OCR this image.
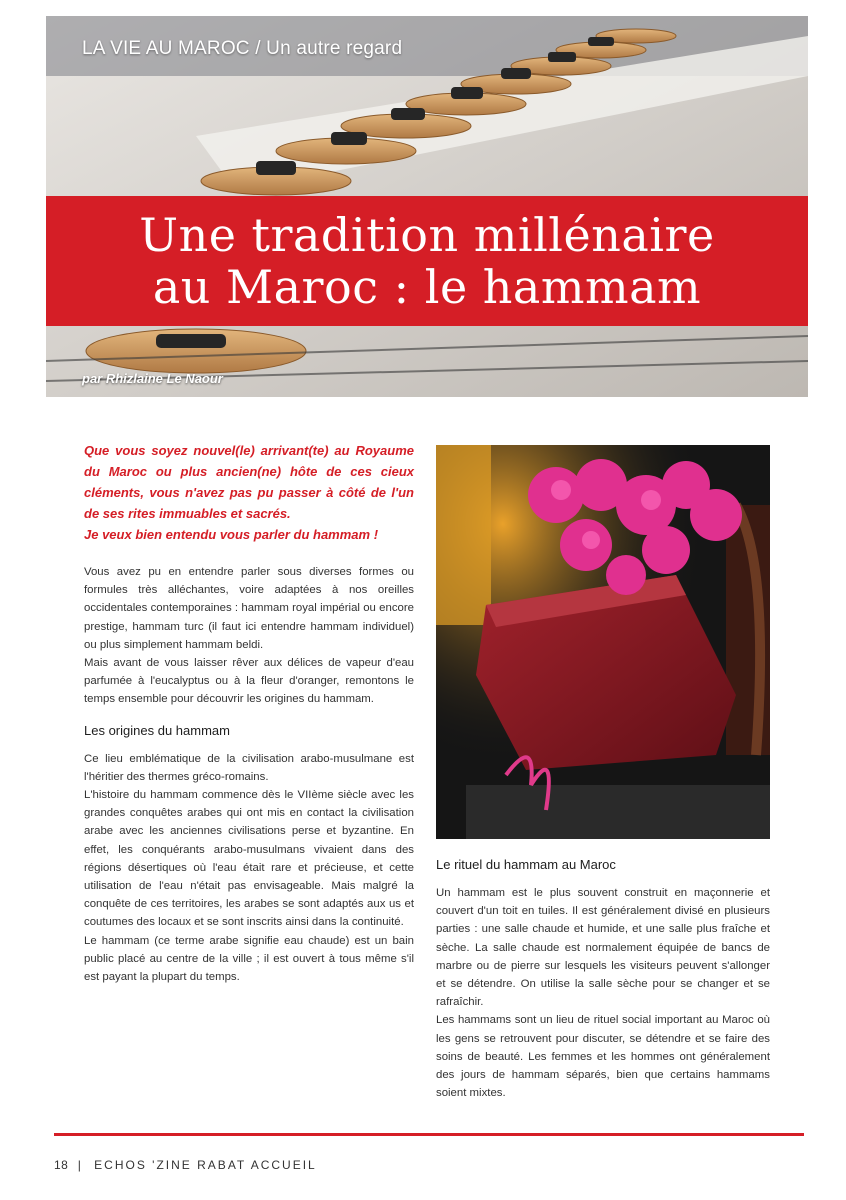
LA VIE AU MAROC / Un autre regard
Une tradition millénaire
au Maroc : le hammam
par Rhizlaine Le Naour

Que vous soyez nouvel(le) arrivant(te) au Royaume du Maroc ou plus ancien(ne) hôte de ces cieux cléments, vous n'avez pas pu passer à côté de l'un de ses rites immuables et sacrés.

Je veux bien entendu vous parler du hammam !

Vous avez pu en entendre parler sous diverses formes ou formules très alléchantes, voire adaptées à nos oreilles occidentales contemporaines : hammam royal impérial ou encore prestige, hammam turc (il faut ici entendre hammam individuel) ou plus simplement hammam beldi.

Mais avant de vous laisser rêver aux délices de vapeur d'eau parfumée à l'eucalyptus ou à la fleur d'oranger, remontons le temps ensemble pour découvrir les origines du hammam.

Les origines du hammam

Ce lieu emblématique de la civilisation arabo-musulmane est l'héritier des thermes gréco-romains.

L'histoire du hammam commence dès le VIIème siècle avec les grandes conquêtes arabes qui ont mis en contact la civilisation arabe avec les anciennes civilisations perse et byzantine. En effet, les conquérants arabo-musulmans vivaient dans des régions désertiques où l'eau était rare et précieuse, et cette utilisation de l'eau n'était pas envisageable. Mais malgré la conquête de ces territoires, les arabes se sont adaptés aux us et coutumes des locaux et se sont inscrits ainsi dans la continuité.

Le hammam (ce terme arabe signifie eau chaude) est un bain public placé au centre de la ville ; il est ouvert à tous même s'il est payant la plupart du temps.

Le rituel du hammam au Maroc

Un hammam est le plus souvent construit en maçonnerie et couvert d'un toit en tuiles. Il est généralement divisé en plusieurs parties : une salle chaude et humide, et une salle plus fraîche et sèche. La salle chaude est normalement équipée de bancs de marbre ou de pierre sur lesquels les visiteurs peuvent s'allonger et se détendre. On utilise la salle sèche pour se changer et se rafraîchir.

Les hammams sont un lieu de rituel social important au Maroc où les gens se retrouvent pour discuter, se détendre et se faire des soins de beauté. Les femmes et les hommes ont généralement des jours de hammam séparés, bien que certains hammams soient mixtes.

18 | ECHOS 'ZINE RABAT ACCUEIL
